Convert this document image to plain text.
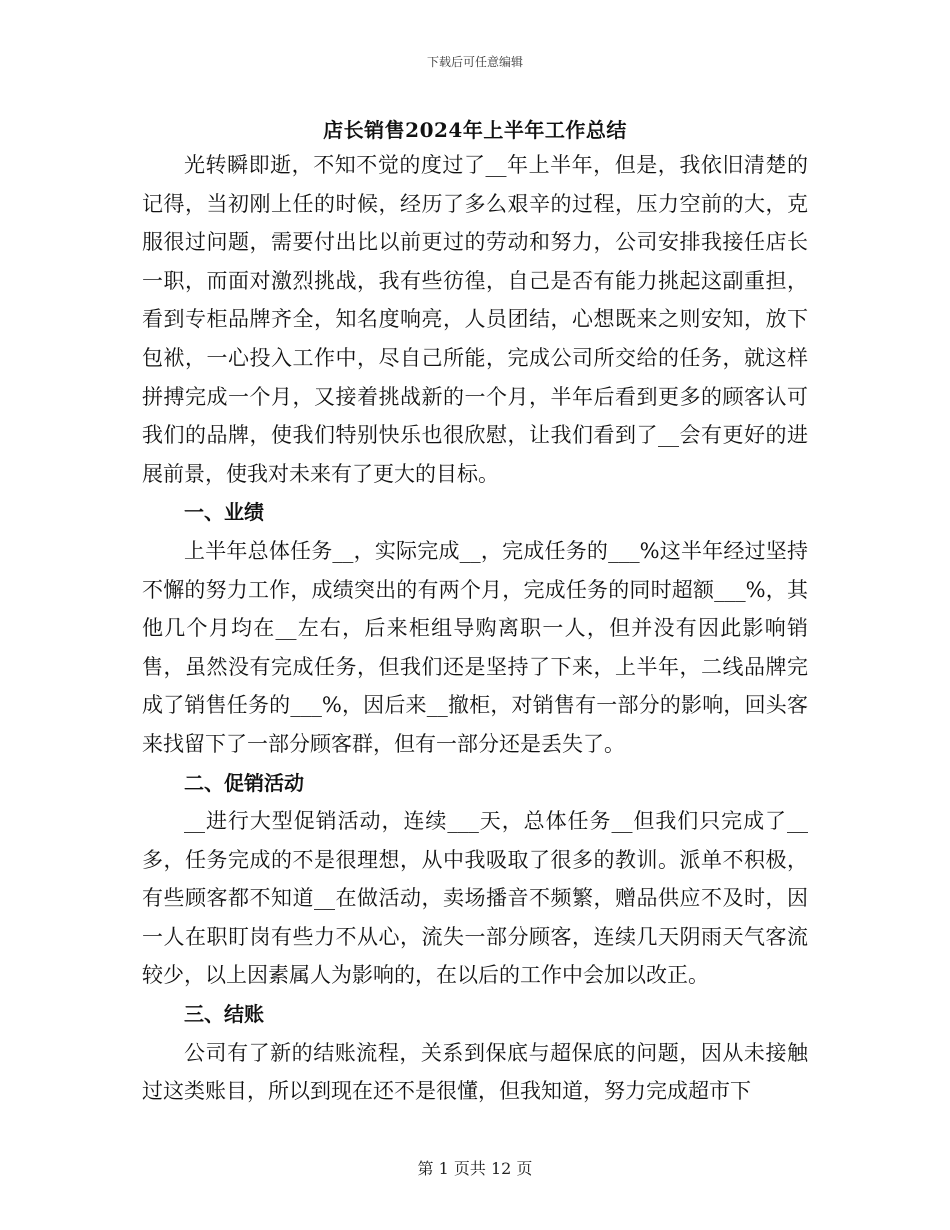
下载后可任意编辑
店长销售2024年上半年工作总结

光转瞬即逝，不知不觉的度过了__年上半年，但是，我依旧清楚的记得，当初刚上任的时候，经历了多么艰辛的过程，压力空前的大，克服很过问题，需要付出比以前更过的劳动和努力，公司安排我接任店长一职，而面对激烈挑战，我有些彷徨，自己是否有能力挑起这副重担，看到专柜品牌齐全，知名度响亮，人员团结，心想既来之则安知，放下包袱，一心投入工作中，尽自己所能，完成公司所交给的任务，就这样拼搏完成一个月，又接着挑战新的一个月，半年后看到更多的顾客认可我们的品牌，使我们特别快乐也很欣慰，让我们看到了__会有更好的进展前景，使我对未来有了更大的目标。

一、业绩

上半年总体任务__，实际完成__，完成任务的___%这半年经过坚持不懈的努力工作，成绩突出的有两个月，完成任务的同时超额___%，其他几个月均在__左右，后来柜组导购离职一人，但并没有因此影响销售，虽然没有完成任务，但我们还是坚持了下来，上半年，二线品牌完成了销售任务的___%，因后来__撤柜，对销售有一部分的影响，回头客来找留下了一部分顾客群，但有一部分还是丢失了。

二、促销活动

__进行大型促销活动，连续___天，总体任务__但我们只完成了__多，任务完成的不是很理想，从中我吸取了很多的教训。派单不积极，有些顾客都不知道__在做活动，卖场播音不频繁，赠品供应不及时，因一人在职盯岗有些力不从心，流失一部分顾客，连续几天阴雨天气客流较少，以上因素属人为影响的，在以后的工作中会加以改正。

三、结账

公司有了新的结账流程，关系到保底与超保底的问题，因从未接触过这类账目，所以到现在还不是很懂，但我知道，努力完成超市下

第 1 页共 12 页
